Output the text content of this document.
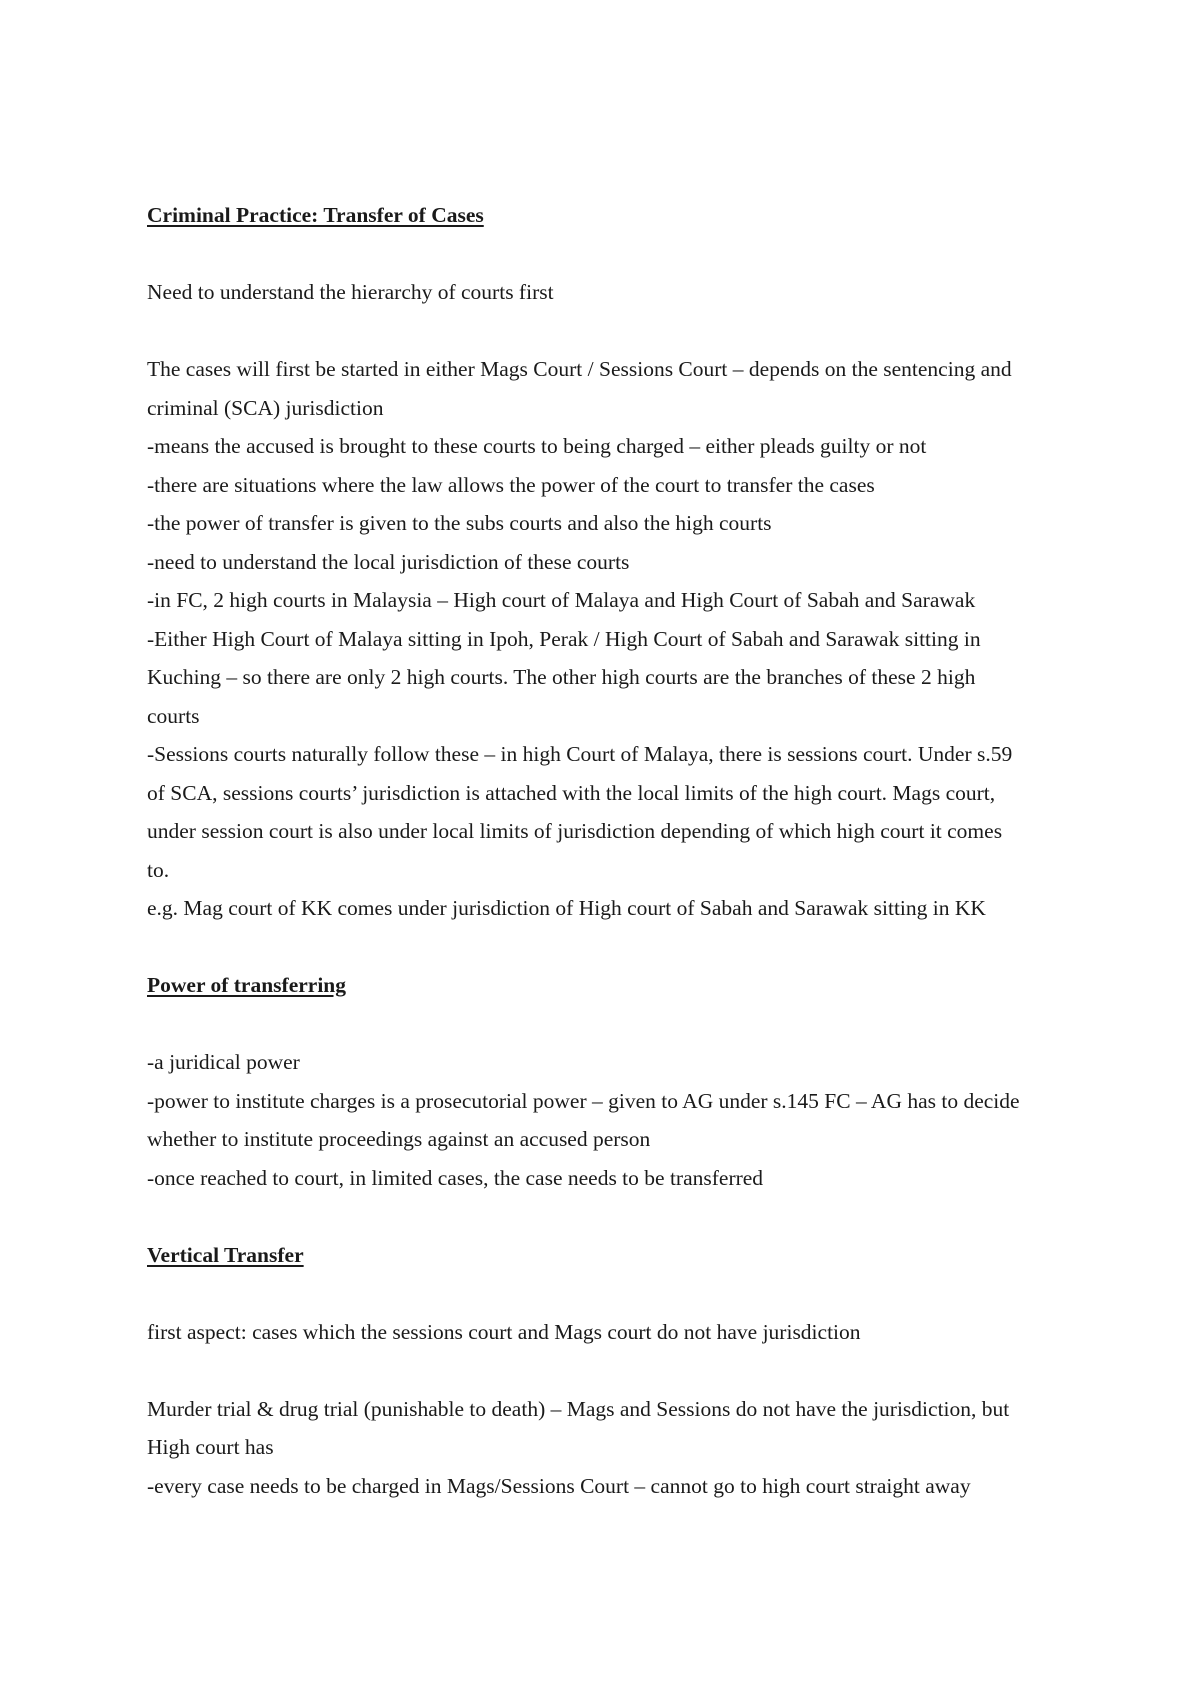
Criminal Practice: Transfer of Cases

Need to understand the hierarchy of courts first

The cases will first be started in either Mags Court / Sessions Court – depends on the sentencing and
criminal (SCA) jurisdiction
-means the accused is brought to these courts to being charged – either pleads guilty or not
-there are situations where the law allows the power of the court to transfer the cases
-the power of transfer is given to the subs courts and also the high courts
-need to understand the local jurisdiction of these courts
-in FC, 2 high courts in Malaysia – High court of Malaya and High Court of Sabah and Sarawak
-Either High Court of Malaya sitting in Ipoh, Perak / High Court of Sabah and Sarawak sitting in
Kuching – so there are only 2 high courts. The other high courts are the branches of these 2 high
courts
-Sessions courts naturally follow these – in high Court of Malaya, there is sessions court. Under s.59
of SCA, sessions courts’ jurisdiction is attached with the local limits of the high court. Mags court,
under session court is also under local limits of jurisdiction depending of which high court it comes
to.
e.g. Mag court of KK comes under jurisdiction of High court of Sabah and Sarawak sitting in KK

Power of transferring

-a juridical power
-power to institute charges is a prosecutorial power – given to AG under s.145 FC – AG has to decide
whether to institute proceedings against an accused person
-once reached to court, in limited cases, the case needs to be transferred

Vertical Transfer

first aspect: cases which the sessions court and Mags court do not have jurisdiction

Murder trial & drug trial (punishable to death) – Mags and Sessions do not have the jurisdiction, but
High court has
-every case needs to be charged in Mags/Sessions Court – cannot go to high court straight away
